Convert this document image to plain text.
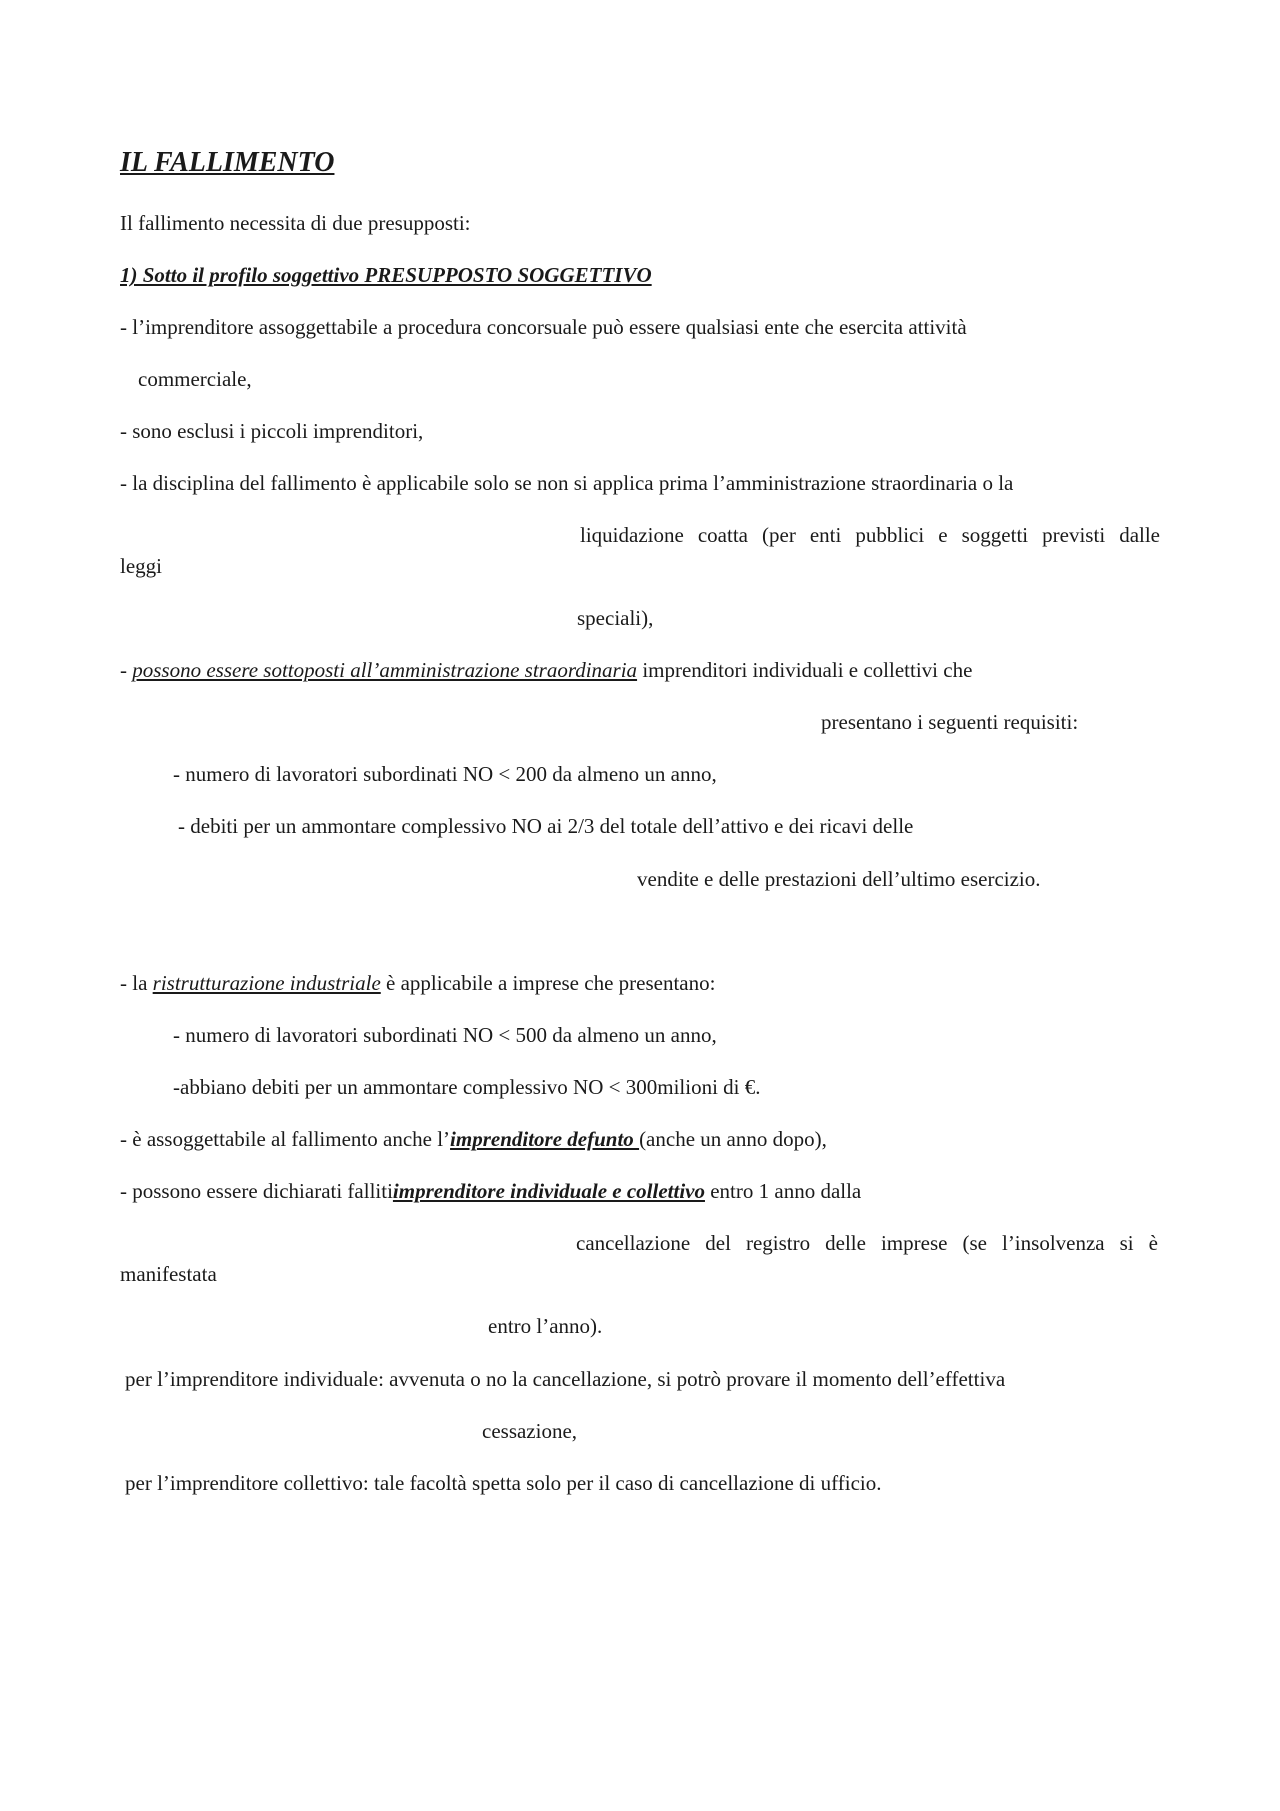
IL FALLIMENTO
Il fallimento necessita di due presupposti:
1) Sotto il profilo soggettivo PRESUPPOSTO SOGGETTIVO
- l’imprenditore assoggettabile a procedura concorsuale può essere qualsiasi ente che esercita attività
commerciale,
- sono esclusi i piccoli imprenditori,
- la disciplina del fallimento è applicabile solo se non si applica prima l’amministrazione straordinaria o la
liquidazione coatta (per enti pubblici e soggetti previsti dalle
leggi
speciali),
- possono essere sottoposti all’amministrazione straordinaria imprenditori individuali e collettivi che
presentano i seguenti requisiti:
- numero di lavoratori subordinati NO < 200 da almeno un anno,
- debiti per un ammontare complessivo NO ai 2/3 del totale dell’attivo e dei ricavi delle
vendite e delle prestazioni dell’ultimo esercizio.
- la ristrutturazione industriale è applicabile a imprese che presentano:
- numero di lavoratori subordinati NO < 500 da almeno un anno,
-abbiano debiti per un ammontare complessivo NO < 300milioni di €.
- è assoggettabile al fallimento anche l’imprenditore defunto (anche un anno dopo),
- possono essere dichiarati fallitiimprenditore individuale e collettivo entro 1 anno dalla
cancellazione del registro delle imprese (se l’insolvenza si è
manifestata
entro l’anno).
per l’imprenditore individuale: avvenuta o no la cancellazione, si potrò provare il momento dell’effettiva
cessazione,
per l’imprenditore collettivo: tale facoltà spetta solo per il caso di cancellazione di ufficio.
